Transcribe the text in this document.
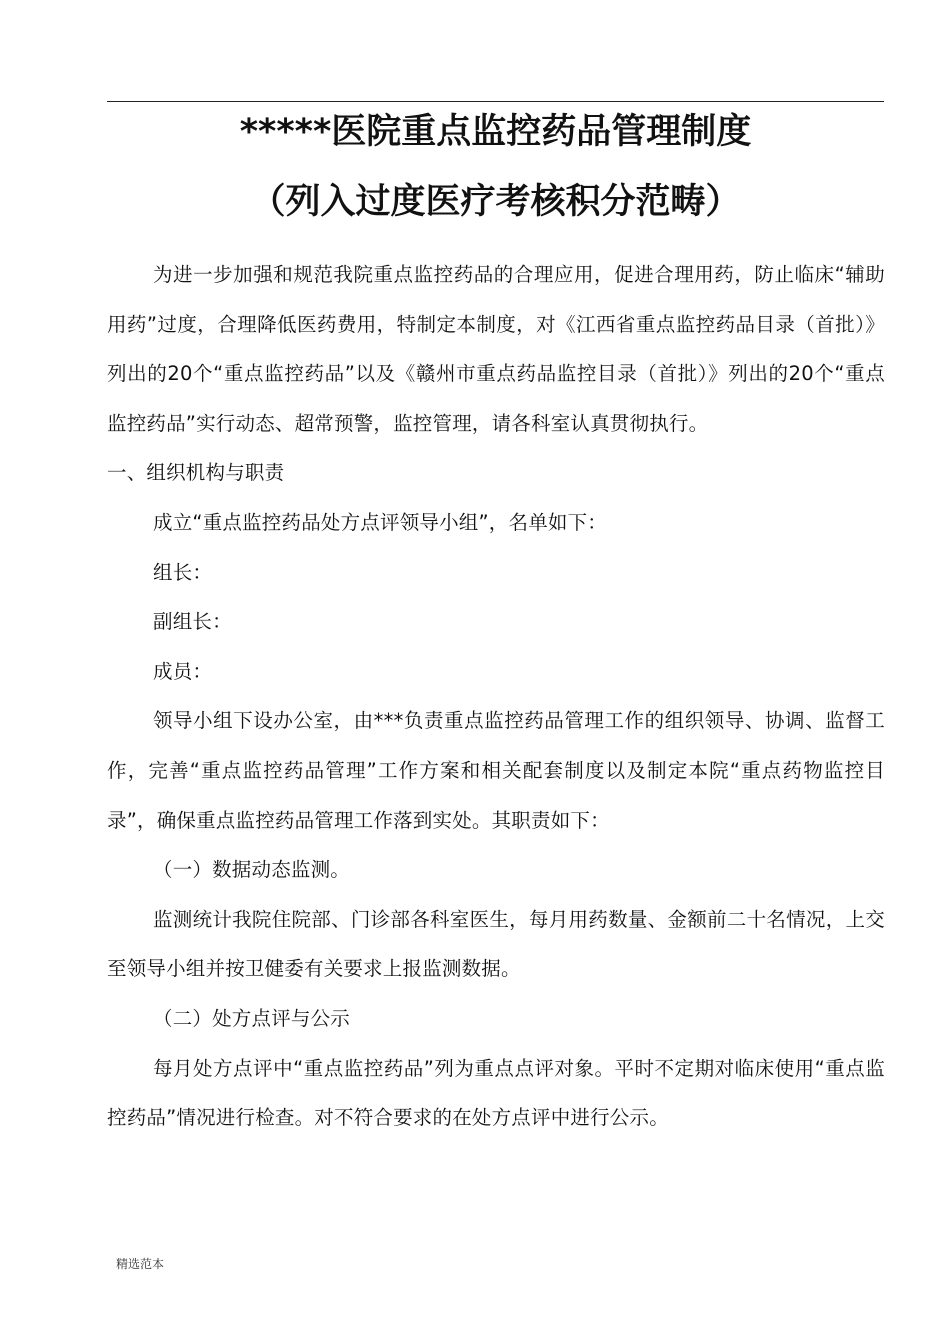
*****医院重点监控药品管理制度
（列入过度医疗考核积分范畴）

为进一步加强和规范我院重点监控药品的合理应用，促进合理用药，防止临床“辅助用药”过度，合理降低医药费用，特制定本制度，对《江西省重点监控药品目录（首批）》列出的20个“重点监控药品”以及《赣州市重点药品监控目录（首批）》列出的20个“重点监控药品”实行动态、超常预警，监控管理，请各科室认真贯彻执行。

一、组织机构与职责

成立“重点监控药品处方点评领导小组”，名单如下：

组长：

副组长：

成员：

领导小组下设办公室，由***负责重点监控药品管理工作的组织领导、协调、监督工作，完善“重点监控药品管理”工作方案和相关配套制度以及制定本院“重点药物监控目录”，确保重点监控药品管理工作落到实处。其职责如下：

（一）数据动态监测。

监测统计我院住院部、门诊部各科室医生，每月用药数量、金额前二十名情况，上交至领导小组并按卫健委有关要求上报监测数据。

（二）处方点评与公示

每月处方点评中“重点监控药品”列为重点点评对象。平时不定期对临床使用“重点监控药品”情况进行检查。对不符合要求的在处方点评中进行公示。

精选范本
